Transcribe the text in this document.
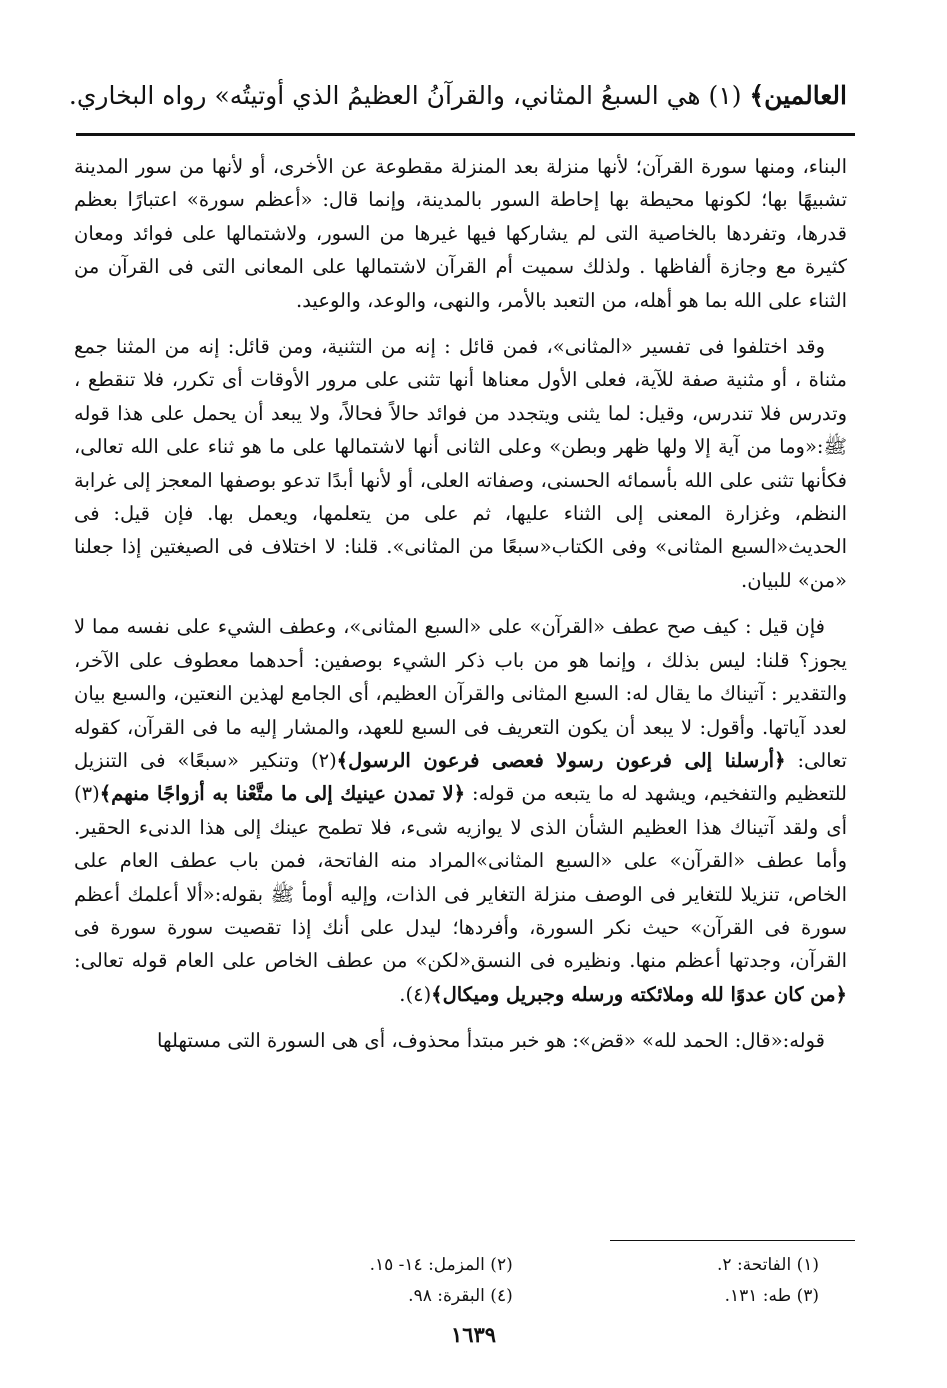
العالمين﴾ (١) هي السبعُ المثاني، والقرآنُ العظيمُ الذي أوتيتُه» رواه البخاري.

البناء، ومنها سورة القرآن؛ لأنها منزلة بعد المنزلة مقطوعة عن الأخرى، أو لأنها من سور المدينة تشبيهًا بها؛ لكونها محيطة بها إحاطة السور بالمدينة، وإنما قال: «أعظم سورة» اعتبارًا بعظم قدرها، وتفردها بالخاصية التى لم يشاركها فيها غيرها من السور، ولاشتمالها على فوائد ومعان كثيرة مع وجازة ألفاظها . ولذلك سميت أم القرآن لاشتمالها على المعانى التى فى القرآن من الثناء على الله بما هو أهله، من التعبد بالأمر، والنهى، والوعد، والوعيد.

وقد اختلفوا فى تفسير «المثانى»، فمن قائل : إنه من التثنية، ومن قائل: إنه من المثنا جمع مثناة ، أو مثنية صفة للآية، فعلى الأول معناها أنها تثنى على مرور الأوقات أى تكرر، فلا تنقطع ، وتدرس فلا تندرس، وقيل: لما يثنى ويتجدد من فوائد حالاً فحالاً، ولا يبعد أن يحمل على هذا قوله ﷺ:«وما من آية إلا ولها ظهر وبطن» وعلى الثانى أنها لاشتمالها على ما هو ثناء على الله تعالى، فكأنها تثنى على الله بأسمائه الحسنى، وصفاته العلى، أو لأنها أبدًا تدعو بوصفها المعجز إلى غرابة النظم، وغزارة المعنى إلى الثناء عليها، ثم على من يتعلمها، ويعمل بها. فإن قيل: فى الحديث«السبع المثانى» وفى الكتاب«سبعًا من المثانى». قلنا: لا اختلاف فى الصيغتين إذا جعلنا «من» للبيان.

فإن قيل : كيف صح عطف «القرآن» على «السبع المثانى»، وعطف الشيء على نفسه مما لا يجوز؟ قلنا: ليس بذلك ، وإنما هو من باب ذكر الشيء بوصفين: أحدهما معطوف على الآخر، والتقدير : آتيناك ما يقال له: السبع المثانى والقرآن العظيم، أى الجامع لهذين النعتين، والسبع بيان لعدد آياتها. وأقول: لا يبعد أن يكون التعريف فى السبع للعهد، والمشار إليه ما فى القرآن، كقوله تعالى: ﴿أرسلنا إلى فرعون رسولا فعصى فرعون الرسول﴾(٢) وتنكير «سبعًا» فى التنزيل للتعظيم والتفخيم، ويشهد له ما يتبعه من قوله: ﴿لا تمدن عينيك إلى ما متَّعْنا به أزواجًا منهم﴾(٣) أى ولقد آتيناك هذا العظيم الشأن الذى لا يوازيه شىء، فلا تطمح عينك إلى هذا الدنىء الحقير. وأما عطف «القرآن» على «السبع المثانى»المراد منه الفاتحة، فمن باب عطف العام على الخاص، تنزيلا للتغاير فى الوصف منزلة التغاير فى الذات، وإليه أومأ ﷺ بقوله:«ألا أعلمك أعظم سورة فى القرآن» حيث نكر السورة، وأفردها؛ ليدل على أنك إذا تقصيت سورة سورة فى القرآن، وجدتها أعظم منها. ونظيره فى النسق«لكن» من عطف الخاص على العام قوله تعالى:﴿من كان عدوًا لله وملائكته ورسله وجبريل وميكال﴾(٤).

قوله:«قال: الحمد لله» «قض»: هو خبر مبتدأ محذوف، أى هى السورة التى مستهلها

(١) الفاتحة: ٢.
(٢) المزمل: ١٤- ١٥.
(٣) طه: ١٣١.
(٤) البقرة: ٩٨.
١٦٣٩
